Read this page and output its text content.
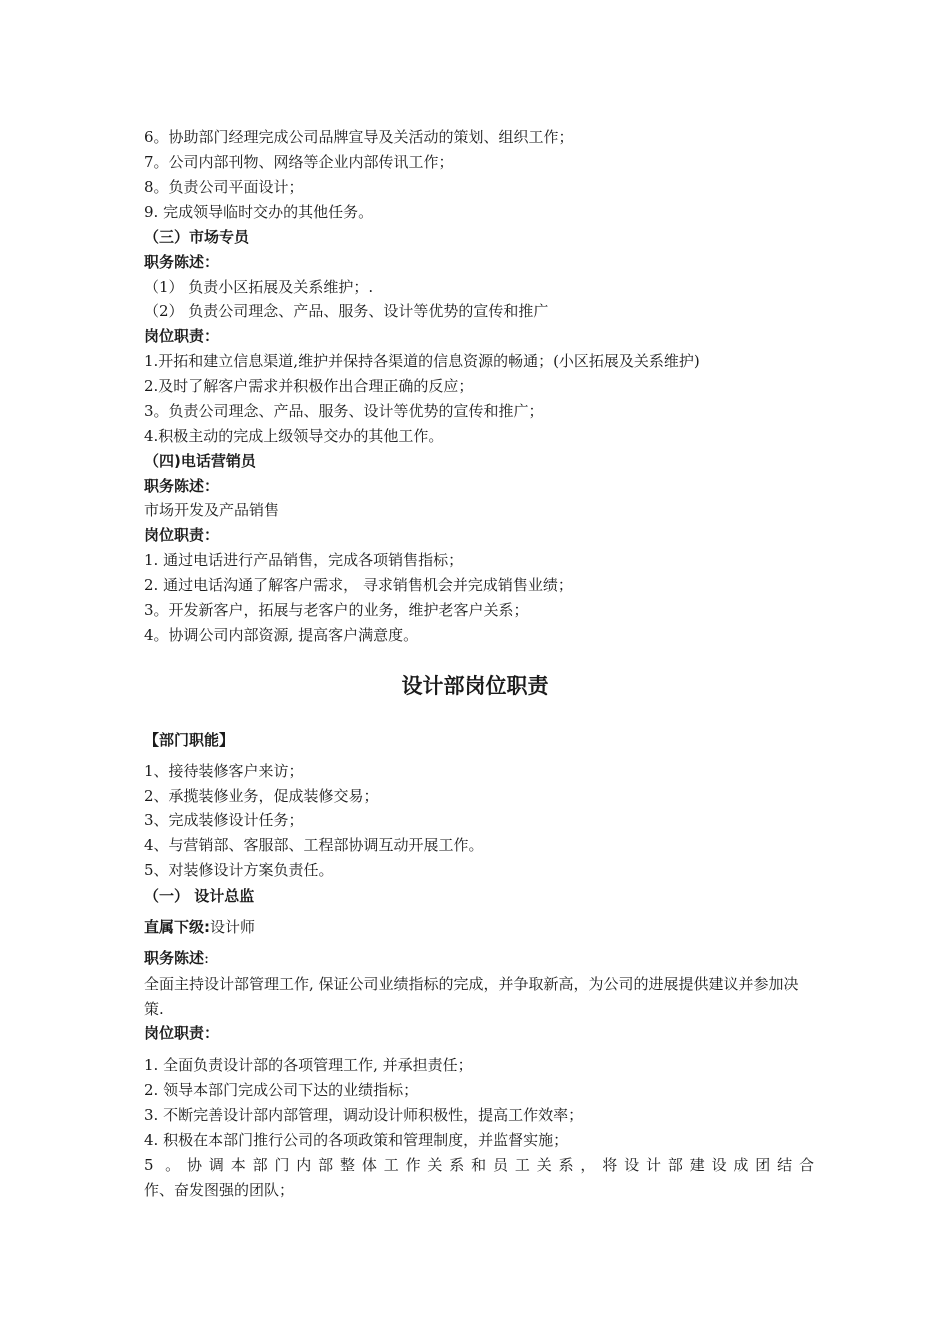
6。协助部门经理完成公司品牌宣导及关活动的策划、组织工作；
7。公司内部刊物、网络等企业内部传讯工作；
8。负责公司平面设计；
9. 完成领导临时交办的其他任务。
（三）市场专员
职务陈述：
（1） 负责小区拓展及关系维护；.
（2） 负责公司理念、产品、服务、设计等优势的宣传和推广
岗位职责：
1.开拓和建立信息渠道,维护并保持各渠道的信息资源的畅通；(小区拓展及关系维护)
2.及时了解客户需求并积极作出合理正确的反应；
3。负责公司理念、产品、服务、设计等优势的宣传和推广；
4.积极主动的完成上级领导交办的其他工作。
（四)电话营销员
职务陈述：
市场开发及产品销售
岗位职责：
1. 通过电话进行产品销售，完成各项销售指标；
2. 通过电话沟通了解客户需求， 寻求销售机会并完成销售业绩；
3。开发新客户，拓展与老客户的业务，维护老客户关系；
4。协调公司内部资源, 提高客户满意度。
设计部岗位职责
【部门职能】
1、接待装修客户来访；
2、承揽装修业务，促成装修交易；
3、完成装修设计任务；
4、与营销部、客服部、工程部协调互动开展工作。
5、对装修设计方案负责任。
（一） 设计总监
直属下级:设计师
职务陈述:
全面主持设计部管理工作, 保证公司业绩指标的完成，并争取新高，为公司的进展提供建议并参加决策.
岗位职责：
1. 全面负责设计部的各项管理工作, 并承担责任；
2. 领导本部门完成公司下达的业绩指标；
3. 不断完善设计部内部管理，调动设计师积极性，提高工作效率；
4. 积极在本部门推行公司的各项政策和管理制度，并监督实施；
5 。协调本部门内部整体工作关系和员工关系，将设计部建设成团结合
作、奋发图强的团队；
